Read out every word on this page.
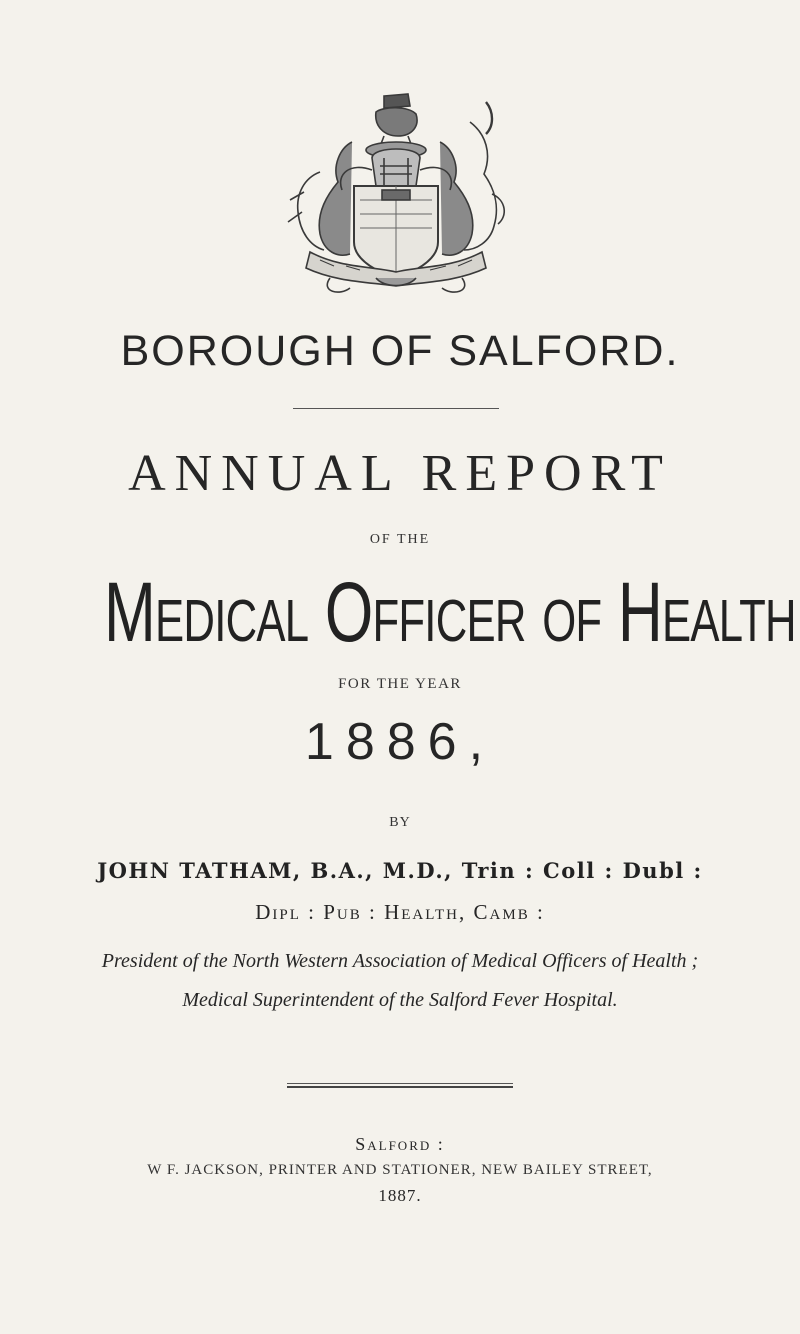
BOROUGH OF SALFORD.
ANNUAL REPORT
OF THE
Medical Officer of Health
FOR THE YEAR
1886,
BY
JOHN TATHAM, B.A., M.D., Trin : Coll : Dubl :
Dipl : Pub : Health, Camb :
President of the North Western Association of Medical Officers of Health ;
Medical Superintendent of the Salford Fever Hospital.
Salford :
W F. JACKSON, PRINTER AND STATIONER, NEW BAILEY STREET,
1887.
